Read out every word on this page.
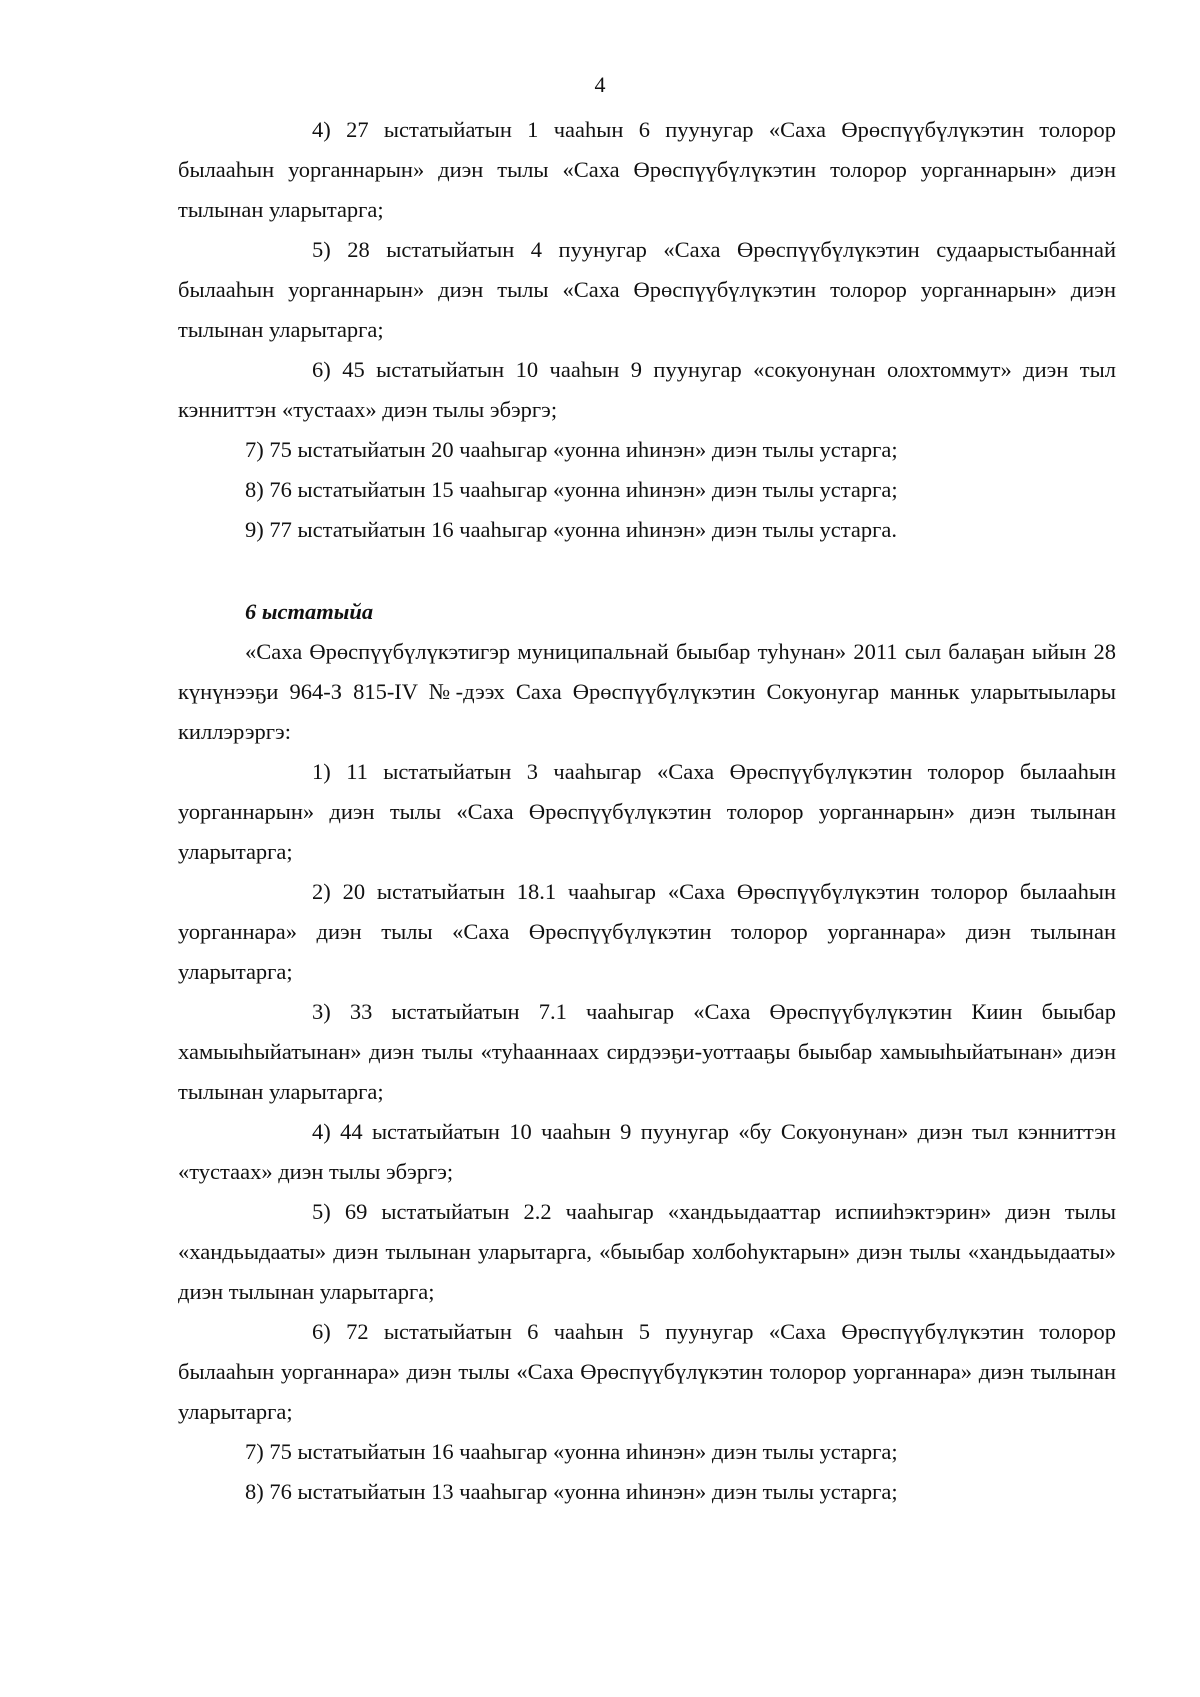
4

4) 27 ыстатыйатын 1 чааһын 6 пуунугар «Саха Өрөспүүбүлүкэтин толорор былааһын уорганнарын» диэн тылы «Саха Өрөспүүбүлүкэтин толорор уорганнарын» диэн тылынан уларытарга;

5) 28 ыстатыйатын 4 пуунугар «Саха Өрөспүүбүлүкэтин судаарыстыбаннай былааһын уорганнарын» диэн тылы «Саха Өрөспүүбүлүкэтин толорор уорганнарын» диэн тылынан уларытарга;

6) 45 ыстатыйатын 10 чааһын 9 пуунугар «сокуонунан олохтоммут» диэн тыл кэнниттэн «тустаах» диэн тылы эбэргэ;

7) 75 ыстатыйатын 20 чааһыгар «уонна иһинэн» диэн тылы устарга;

8) 76 ыстатыйатын 15 чааһыгар «уонна иһинэн» диэн тылы устарга;

9) 77 ыстатыйатын 16 чааһыгар «уонна иһинэн» диэн тылы устарга.

6 ыстатыйа

«Саха Өрөспүүбүлүкэтигэр муниципальнай быыбар туһунан» 2011 сыл балаҕан ыйын 28 күнүнээҕи 964-З 815-IV №-дээх Саха Өрөспүүбүлүкэтин Сокуонугар манньк уларытыылары киллэрэргэ:

1) 11 ыстатыйатын 3 чааһыгар «Саха Өрөспүүбүлүкэтин толорор былааһын уорганнарын» диэн тылы «Саха Өрөспүүбүлүкэтин толорор уорганнарын» диэн тылынан уларытарга;

2) 20 ыстатыйатын 18.1 чааһыгар «Саха Өрөспүүбүлүкэтин толорор былааһын уорганнара» диэн тылы «Саха Өрөспүүбүлүкэтин толорор уорганнара» диэн тылынан уларытарга;

3) 33 ыстатыйатын 7.1 чааһыгар «Саха Өрөспүүбүлүкэтин Киин быыбар хамыыһыйатынан» диэн тылы «туһааннаах сирдээҕи-уоттааҕы быыбар хамыыһыйатынан» диэн тылынан уларытарга;

4) 44 ыстатыйатын 10 чааһын 9 пуунугар «бу Сокуонунан» диэн тыл кэнниттэн «тустаах» диэн тылы эбэргэ;

5) 69 ыстатыйатын 2.2 чааһыгар «хандьыдааттар испииһэктэрин» диэн тылы «хандьыдааты» диэн тылынан уларытарга, «быыбар холбоһуктарын» диэн тылы «хандьыдааты» диэн тылынан уларытарга;

6) 72 ыстатыйатын 6 чааһын 5 пуунугар «Саха Өрөспүүбүлүкэтин толорор былааһын уорганнара» диэн тылы «Саха Өрөспүүбүлүкэтин толорор уорганнара» диэн тылынан уларытарга;

7) 75 ыстатыйатын 16 чааһыгар «уонна иһинэн» диэн тылы устарга;

8) 76 ыстатыйатын 13 чааһыгар «уонна иһинэн» диэн тылы устарга;
